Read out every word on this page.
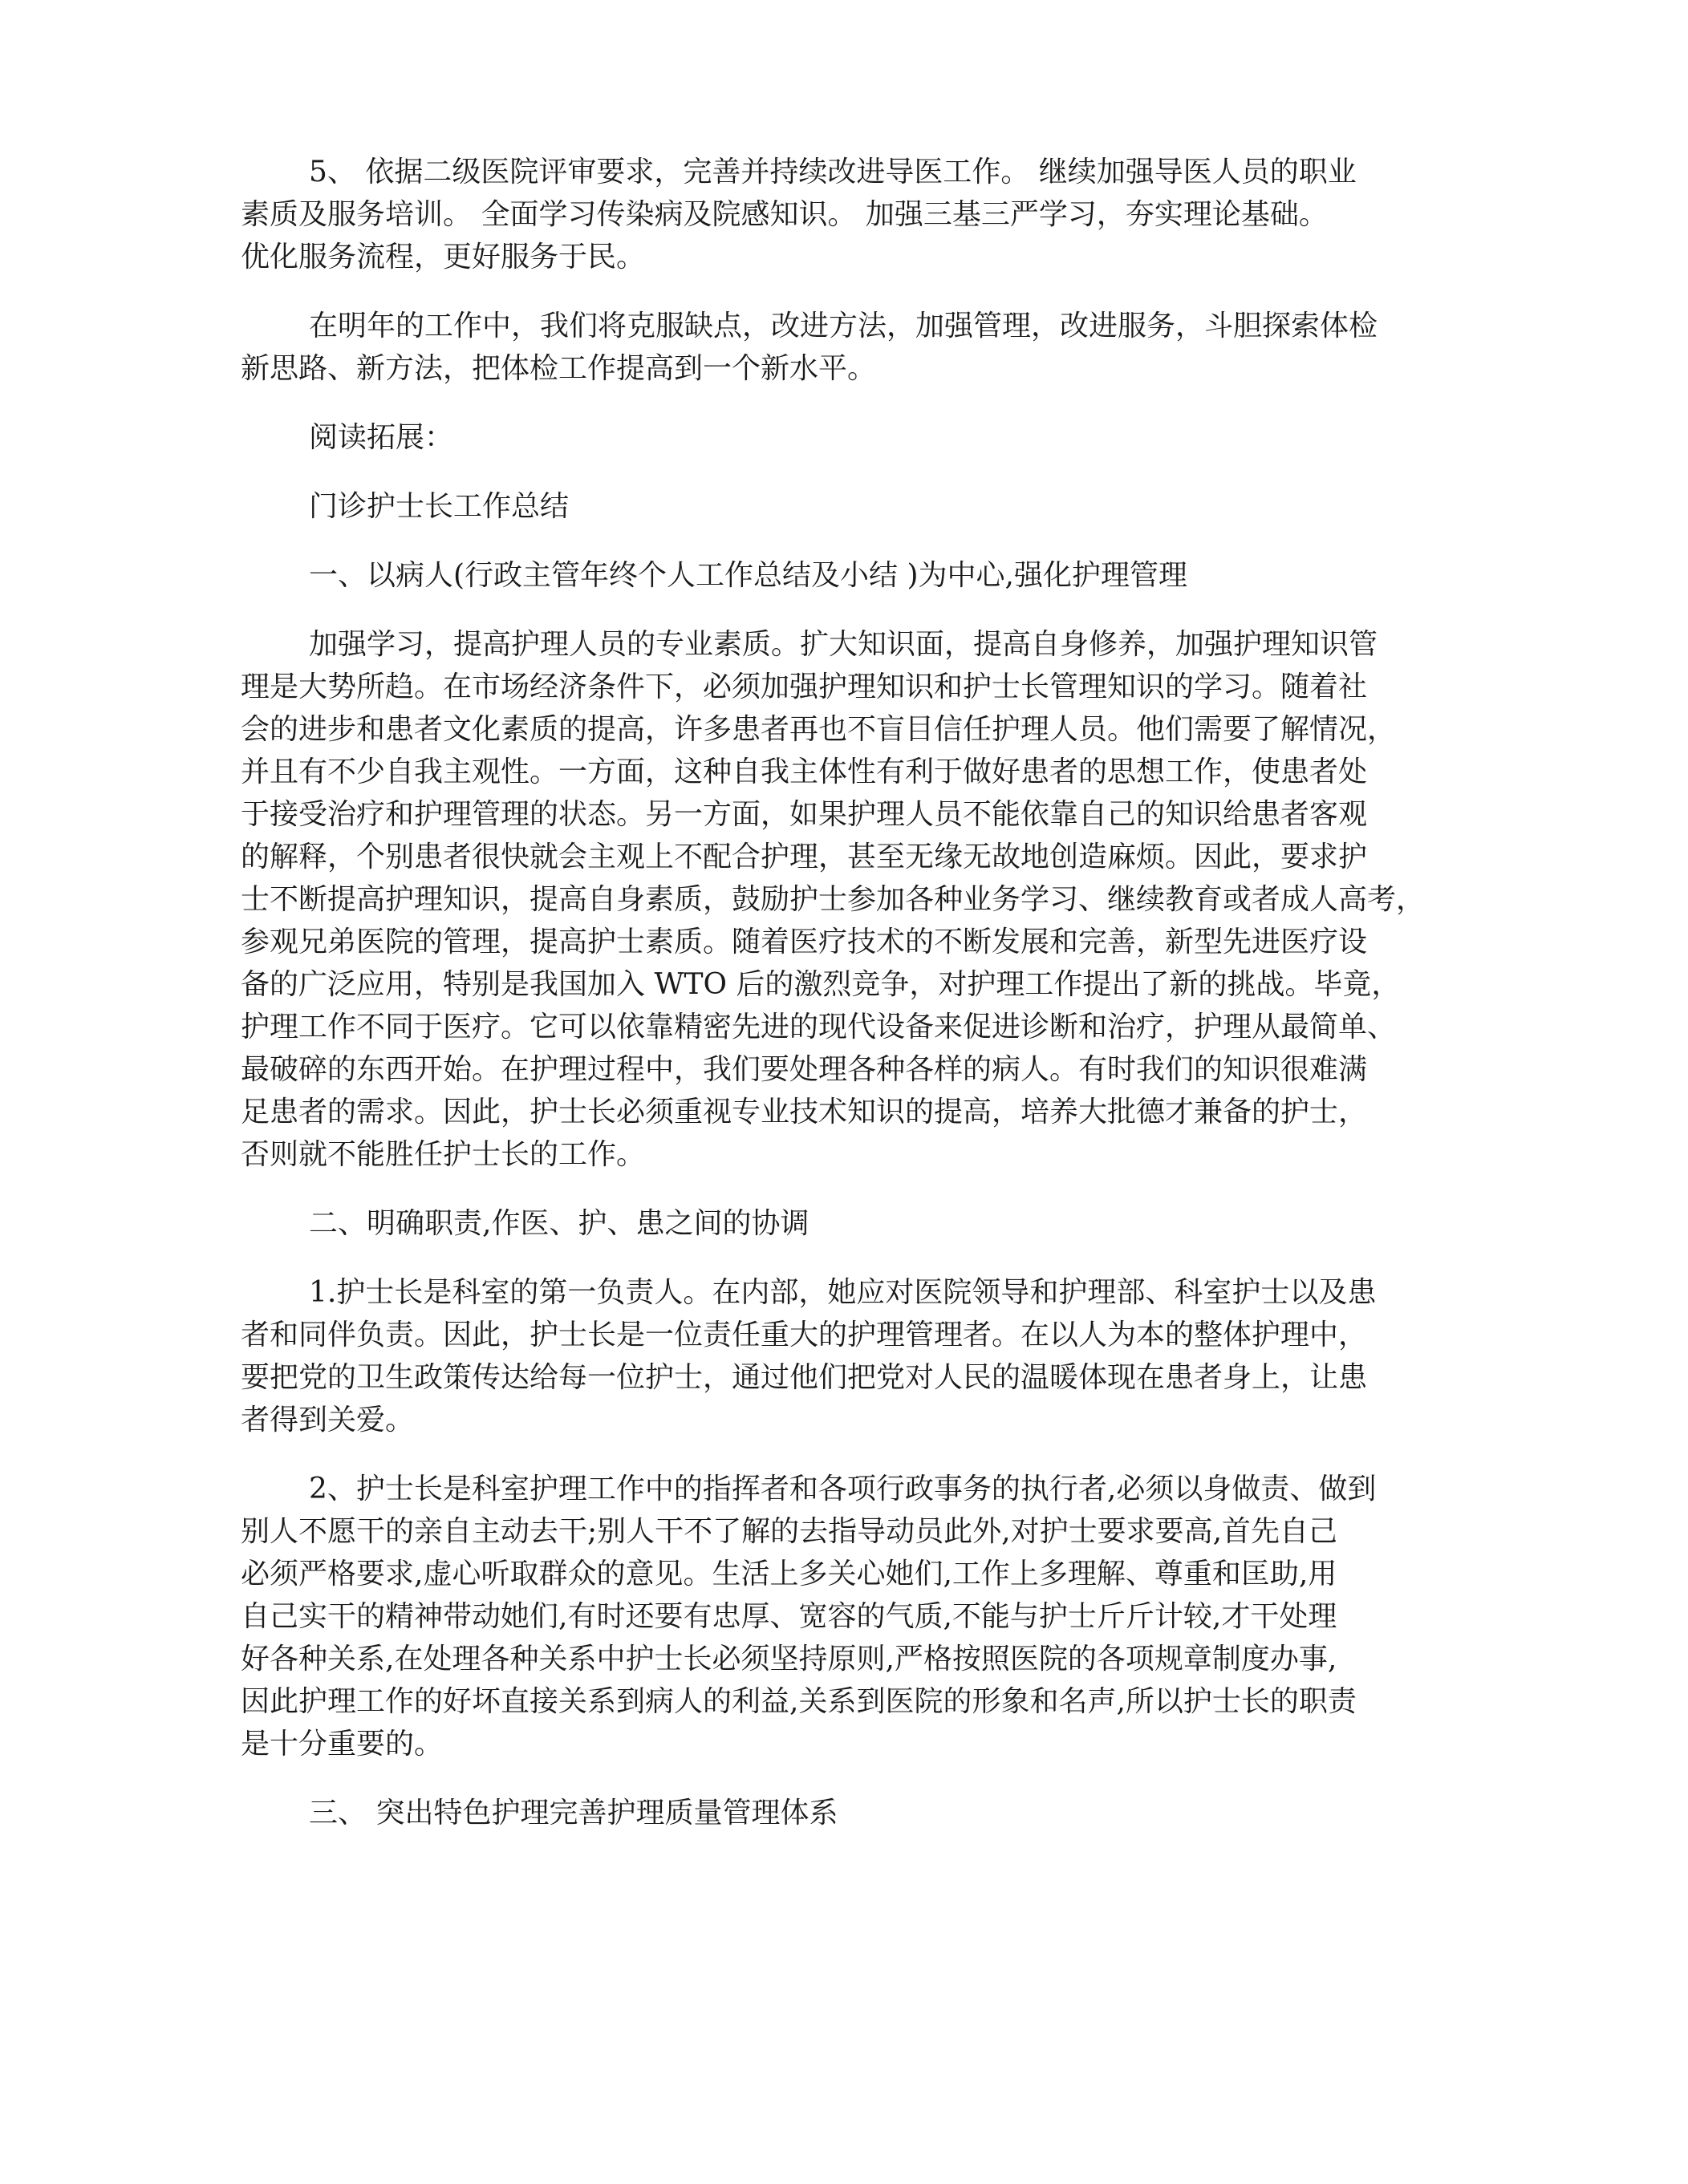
5、 依据二级医院评审要求，完善并持续改进导医工作。 继续加强导医人员的职业
素质及服务培训。 全面学习传染病及院感知识。 加强三基三严学习，夯实理论基础。
优化服务流程，更好服务于民。

在明年的工作中，我们将克服缺点，改进方法，加强管理，改进服务，斗胆探索体检
新思路、新方法，把体检工作提高到一个新水平。

阅读拓展：

门诊护士长工作总结

一、以病人(行政主管年终个人工作总结及小结 )为中心,强化护理管理

加强学习，提高护理人员的专业素质。扩大知识面，提高自身修养，加强护理知识管
理是大势所趋。在市场经济条件下，必须加强护理知识和护士长管理知识的学习。随着社
会的进步和患者文化素质的提高，许多患者再也不盲目信任护理人员。他们需要了解情况，
并且有不少自我主观性。一方面，这种自我主体性有利于做好患者的思想工作，使患者处
于接受治疗和护理管理的状态。另一方面，如果护理人员不能依靠自己的知识给患者客观
的解释，个别患者很快就会主观上不配合护理，甚至无缘无故地创造麻烦。因此，要求护
士不断提高护理知识，提高自身素质，鼓励护士参加各种业务学习、继续教育或者成人高考，
参观兄弟医院的管理，提高护士素质。随着医疗技术的不断发展和完善，新型先进医疗设
备的广泛应用，特别是我国加入 WTO 后的激烈竞争，对护理工作提出了新的挑战。毕竟，
护理工作不同于医疗。它可以依靠精密先进的现代设备来促进诊断和治疗，护理从最简单、
最破碎的东西开始。在护理过程中，我们要处理各种各样的病人。有时我们的知识很难满
足患者的需求。因此，护士长必须重视专业技术知识的提高，培养大批德才兼备的护士，
否则就不能胜任护士长的工作。

二、明确职责,作医、护、患之间的协调

1.护士长是科室的第一负责人。在内部，她应对医院领导和护理部、科室护士以及患
者和同伴负责。因此，护士长是一位责任重大的护理管理者。在以人为本的整体护理中，
要把党的卫生政策传达给每一位护士，通过他们把党对人民的温暖体现在患者身上，让患
者得到关爱。

2、护士长是科室护理工作中的指挥者和各项行政事务的执行者,必须以身做责、做到
别人不愿干的亲自主动去干;别人干不了解的去指导动员此外,对护士要求要高,首先自己
必须严格要求,虚心听取群众的意见。生活上多关心她们,工作上多理解、尊重和匡助,用
自己实干的精神带动她们,有时还要有忠厚、宽容的气质,不能与护士斤斤计较,才干处理
好各种关系,在处理各种关系中护士长必须坚持原则,严格按照医院的各项规章制度办事,
因此护理工作的好坏直接关系到病人的利益,关系到医院的形象和名声,所以护士长的职责
是十分重要的。

三、 突出特色护理完善护理质量管理体系
